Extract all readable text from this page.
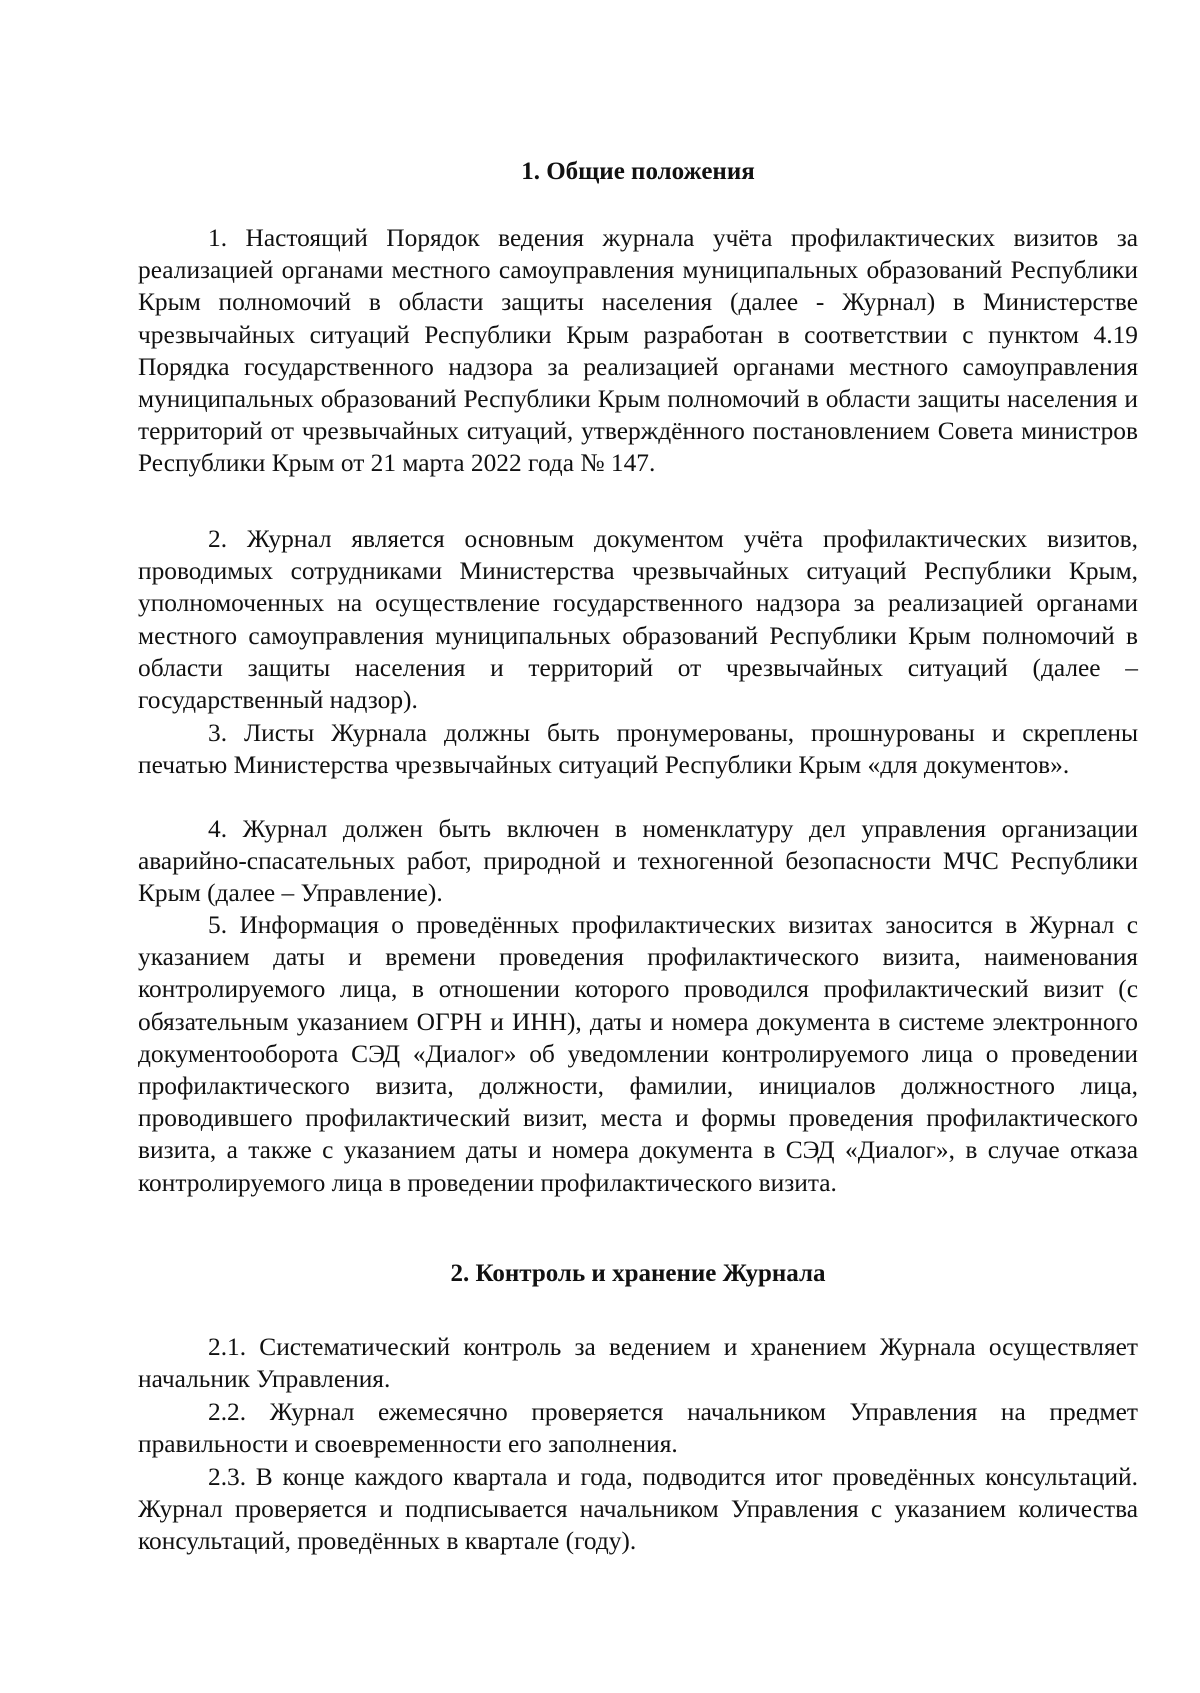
1. Общие положения

1. Настоящий Порядок ведения журнала учёта профилактических визитов за реализацией органами местного самоуправления муниципальных образований Республики Крым полномочий в области защиты населения (далее - Журнал) в Министерстве чрезвычайных ситуаций Республики Крым разработан в соответствии с пунктом 4.19 Порядка государственного надзора за реализацией органами местного самоуправления муниципальных образований Республики Крым полномочий в области защиты населения и территорий от чрезвычайных ситуаций, утверждённого постановлением Совета министров Республики Крым от 21 марта 2022 года № 147.

2. Журнал является основным документом учёта профилактических визитов, проводимых сотрудниками Министерства чрезвычайных ситуаций Республики Крым, уполномоченных на осуществление государственного надзора за реализацией органами местного самоуправления муниципальных образований Республики Крым полномочий в области защиты населения и территорий от чрезвычайных ситуаций (далее – государственный надзор).

3. Листы Журнала должны быть пронумерованы, прошнурованы и скреплены печатью Министерства чрезвычайных ситуаций Республики Крым «для документов».

4. Журнал должен быть включен в номенклатуру дел управления организации аварийно-спасательных работ, природной и техногенной безопасности МЧС Республики Крым (далее – Управление).

5. Информация о проведённых профилактических визитах заносится в Журнал с указанием даты и времени проведения профилактического визита, наименования контролируемого лица, в отношении которого проводился профилактический визит (с обязательным указанием ОГРН и ИНН), даты и номера документа в системе электронного документооборота СЭД «Диалог» об уведомлении контролируемого лица о проведении профилактического визита, должности, фамилии, инициалов должностного лица, проводившего профилактический визит, места и формы проведения профилактического визита, а также с указанием даты и номера документа в СЭД «Диалог», в случае отказа контролируемого лица в проведении профилактического визита.

2. Контроль и хранение Журнала

2.1. Систематический контроль за ведением и хранением Журнала осуществляет начальник Управления.

2.2. Журнал ежемесячно проверяется начальником Управления на предмет правильности и своевременности его заполнения.

2.3. В конце каждого квартала и года, подводится итог проведённых консультаций. Журнал проверяется и подписывается начальником Управления с указанием количества консультаций, проведённых в квартале (году).
